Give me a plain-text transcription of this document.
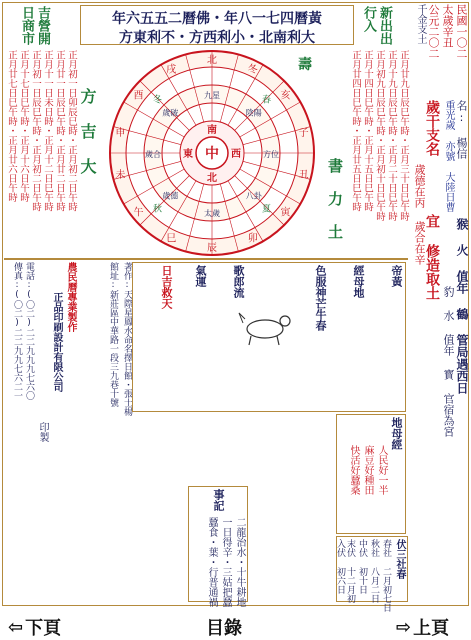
吉營開
日商市	黃曆四七一八年・佛曆二五五六年
大利南北・小利西方・不利東方	新出出
行入
正月廿七日巳午時・正月廿六日午時 正月十七日巳午時・正月十六日午時 正月初一日辰巳午時・正月初二日午時 正月十一日未日時・正月十二日巳午時 正月廿一日辰巳午時・正月廿二日午時 正月初一日卯辰巳時・正月初二日午時	北
冬
亥
子
丑
寅
卯
辰
巳
午
未
申
酉
戌
九星
陰陽
方位
八卦
太歲
歲德
歲合
歲破
北
東
南
西
春
夏
秋
冬
中
方 吉 大
書 力 土
壽	正月廿四日巳午時・正月廿五日巳午時 正月十四日巳午時・正月十五日巳午時 正月初九日辰巳午時・正月初十日巳午時 正月十九日辰巳午時・正月二十日巳午時 正月廿九日辰巳午時・正月三十日巳午時
民國一〇二
太歲辛丑
公元二〇二
千金支土
歲干支名 名: 楊信
重光歲 亦號 大陸日曹
歲德在丙 歲合在辛
宜 修造取土 猴 火 值年 鶴 管局遇西日
豹 水 值年 寳 官宿為宮
農民曆專業製作
正品印刷設計有限公司
印製
電話:(〇二)二二九九九七六〇
傳真:(〇二)二二九九七六二一	著作:天際星鳳水命名擇日館・張士楊
館址:新莊區中華路一段三九巷十號	帝黃
經母地
色服神芒牛春
歌郎流
氣運
日吉救天
地母經
人民好一半
麻豆好種田
快活好蠶桑
事記
二龍治水・十牛耕地
一日得辛・三姑把蠶
蠶食・葉・行普通禍	伏三社春
春社 二月初七日
秋社 八月二日
中伏 初十日
末伏 十二月初
入伏 初六日
⇦ 下頁	目錄	⇨ 上頁
